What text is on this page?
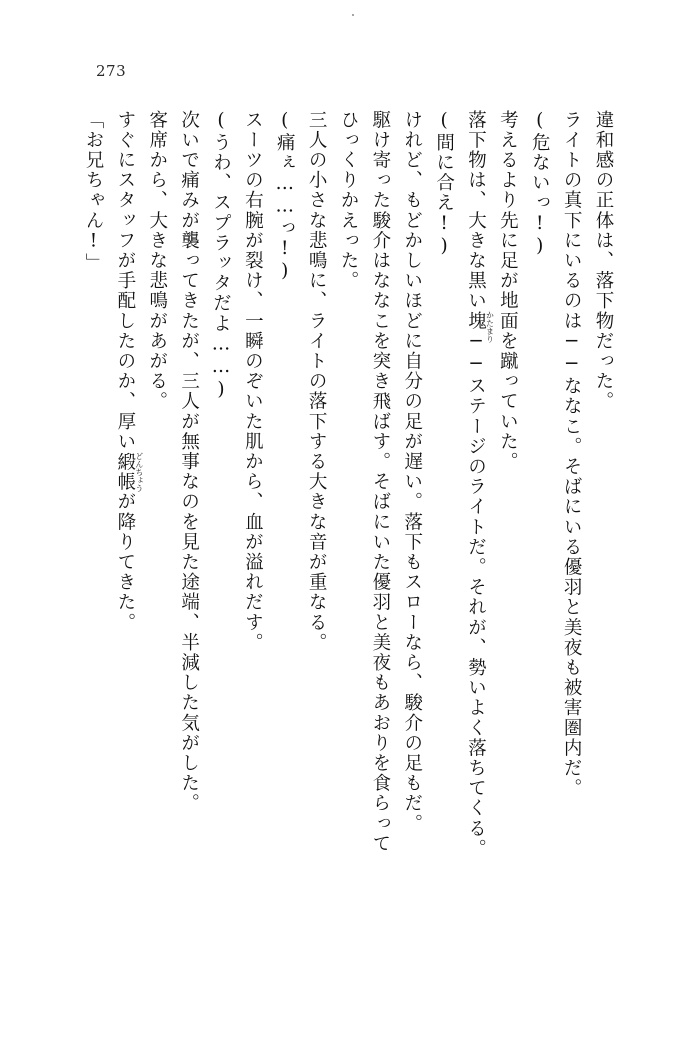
273
違和感の正体は、落下物だった。
ライトの真下にいるのは──ななこ。そばにいる優羽と美夜も被害圏内だ。
(危ないっ!)
考えるより先に足が地面を蹴っていた。
落下物は、大きな黒い塊 かたまり
──ステージのライトだ。それが、勢いよく落ちてくる。
(間に合え!)
けれど、もどかしいほどに自分の足が遅い。落下もスローなら、駿介の足もだ。
駆け寄った駿介はななこを突き飛ばす。そばにいた優羽と美夜もあおりを食らって
ひっくりかえった。
三人の小さな悲鳴に、ライトの落下する大きな音が重なる。
(痛ぇ……っ!)
スーツの右腕が裂け、一瞬のぞいた肌から、血が溢れだす。
(うわ、スプラッタだよ……)
次いで痛みが襲ってきたが、三人が無事なのを見た途端、半減した気がした。
客席から、大きな悲鳴があがる。
すぐにスタッフが手配したのか、厚い緞帳 どんちょう
が降りてきた。
「お兄ちゃん!」
